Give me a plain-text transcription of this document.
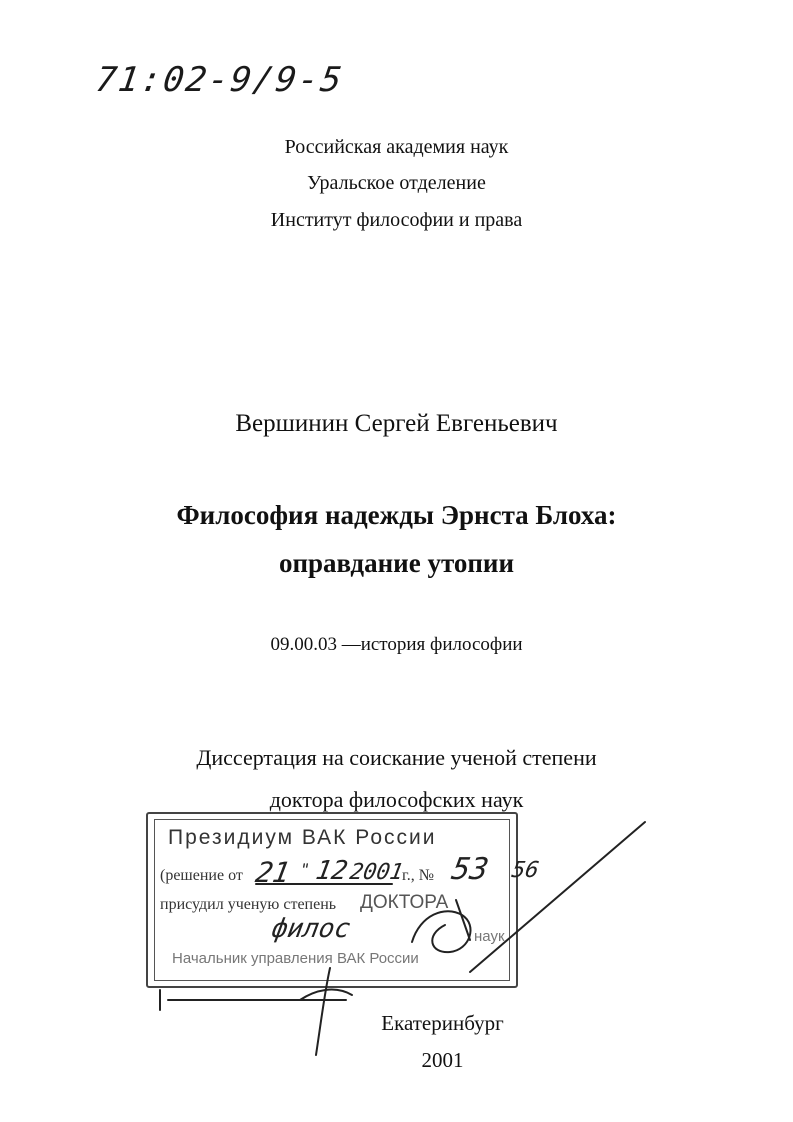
71:02-9/9-5
Российская академия наук
Уральское отделение
Институт философии и права
Вершинин Сергей Евгеньевич
Философия надежды Эрнста Блоха:
оправдание утопии
09.00.03 —история философии
Диссертация на соискание ученой степени
доктора философских наук
Президиум ВАК России
(решение от 21 " 12
2001
г., № 53 56
присудил ученую степень ДОКТОРА
филос	наук
Начальник управления ВАК России
Екатеринбург
2001
